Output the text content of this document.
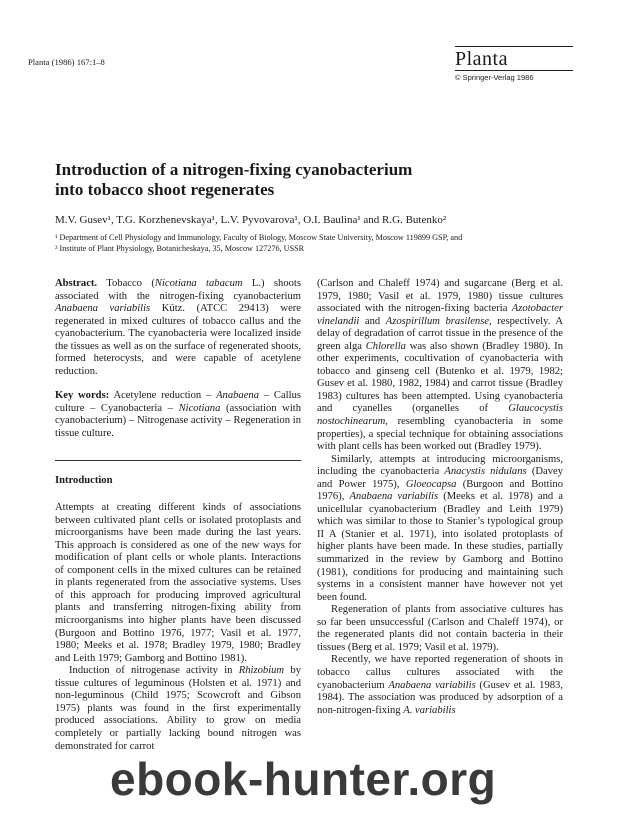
Planta (1986) 167:1–8	Planta
© Springer-Verlag 1986
Introduction of a nitrogen-fixing cyanobacterium
into tobacco shoot regenerates
M.V. Gusev¹, T.G. Korzhenevskaya¹, L.V. Pyvovarova¹, O.I. Baulina¹ and R.G. Butenko²
¹ Department of Cell Physiology and Immunology, Faculty of Biology, Moscow State University, Moscow 119899 GSP, and
² Institute of Plant Physiology, Botanicheskaya, 35, Moscow 127276, USSR

Abstract. Tobacco (Nicotiana tabacum L.) shoots associated with the nitrogen-fixing cyanobacterium Anabaena variabilis Kütz. (ATCC 29413) were regenerated in mixed cultures of tobacco callus and the cyanobacterium. The cyanobacteria were localized inside the tissues as well as on the surface of regenerated shoots, formed heterocysts, and were capable of acetylene reduction.

Key words: Acetylene reduction – Anabaena – Callus culture – Cyanobacteria – Nicotiana (association with cyanobacterium) – Nitrogenase activity – Regeneration in tissue culture.

Introduction

Attempts at creating different kinds of associations between cultivated plant cells or isolated protoplasts and microorganisms have been made during the last years. This approach is considered as one of the new ways for modification of plant cells or whole plants. Interactions of component cells in the mixed cultures can be retained in plants regenerated from the associative systems. Uses of this approach for producing improved agricultural plants and transferring nitrogen-fixing ability from microorganisms into higher plants have been discussed (Burgoon and Bottino 1976, 1977; Vasil et al. 1977, 1980; Meeks et al. 1978; Bradley 1979, 1980; Bradley and Leith 1979; Gamborg and Bottino 1981).

Induction of nitrogenase activity in Rhizobium by tissue cultures of leguminous (Holsten et al. 1971) and non-leguminous (Child 1975; Scowcroft and Gibson 1975) plants was found in the first experimentally produced associations. Ability to grow on media completely or partially lacking bound nitrogen was demonstrated for carrot

(Carlson and Chaleff 1974) and sugarcane (Berg et al. 1979, 1980; Vasil et al. 1979, 1980) tissue cultures associated with the nitrogen-fixing bacteria Azotobacter vinelandii and Azospirillum brasilense, respectively. A delay of degradation of carrot tissue in the presence of the green alga Chlorella was also shown (Bradley 1980). In other experiments, cocultivation of cyanobacteria with tobacco and ginseng cell (Butenko et al. 1979, 1982; Gusev et al. 1980, 1982, 1984) and carrot tissue (Bradley 1983) cultures has been attempted. Using cyanobacteria and cyanelles (organelles of Glaucocystis nostochinearum, resembling cyanobacteria in some properties), a special technique for obtaining associations with plant cells has been worked out (Bradley 1979).

Similarly, attempts at introducing microorganisms, including the cyanobacteria Anacystis nidulans (Davey and Power 1975), Gloeocapsa (Burgoon and Bottino 1976), Anabaena variabilis (Meeks et al. 1978) and a unicellular cyanobacterium (Bradley and Leith 1979) which was similar to those to Stanier’s typological group II A (Stanier et al. 1971), into isolated protoplasts of higher plants have been made. In these studies, partially summarized in the review by Gamborg and Bottino (1981), conditions for producing and maintaining such systems in a consistent manner have however not yet been found.

Regeneration of plants from associative cultures has so far been unsuccessful (Carlson and Chaleff 1974), or the regenerated plants did not contain bacteria in their tissues (Berg et al. 1979; Vasil et al. 1979).

Recently, we have reported regeneration of shoots in tobacco callus cultures associated with the cyanobacterium Anabaena variabilis (Gusev et al. 1983, 1984). The association was produced by adsorption of a non-nitrogen-fixing A. variabilis

ebook-hunter.org
